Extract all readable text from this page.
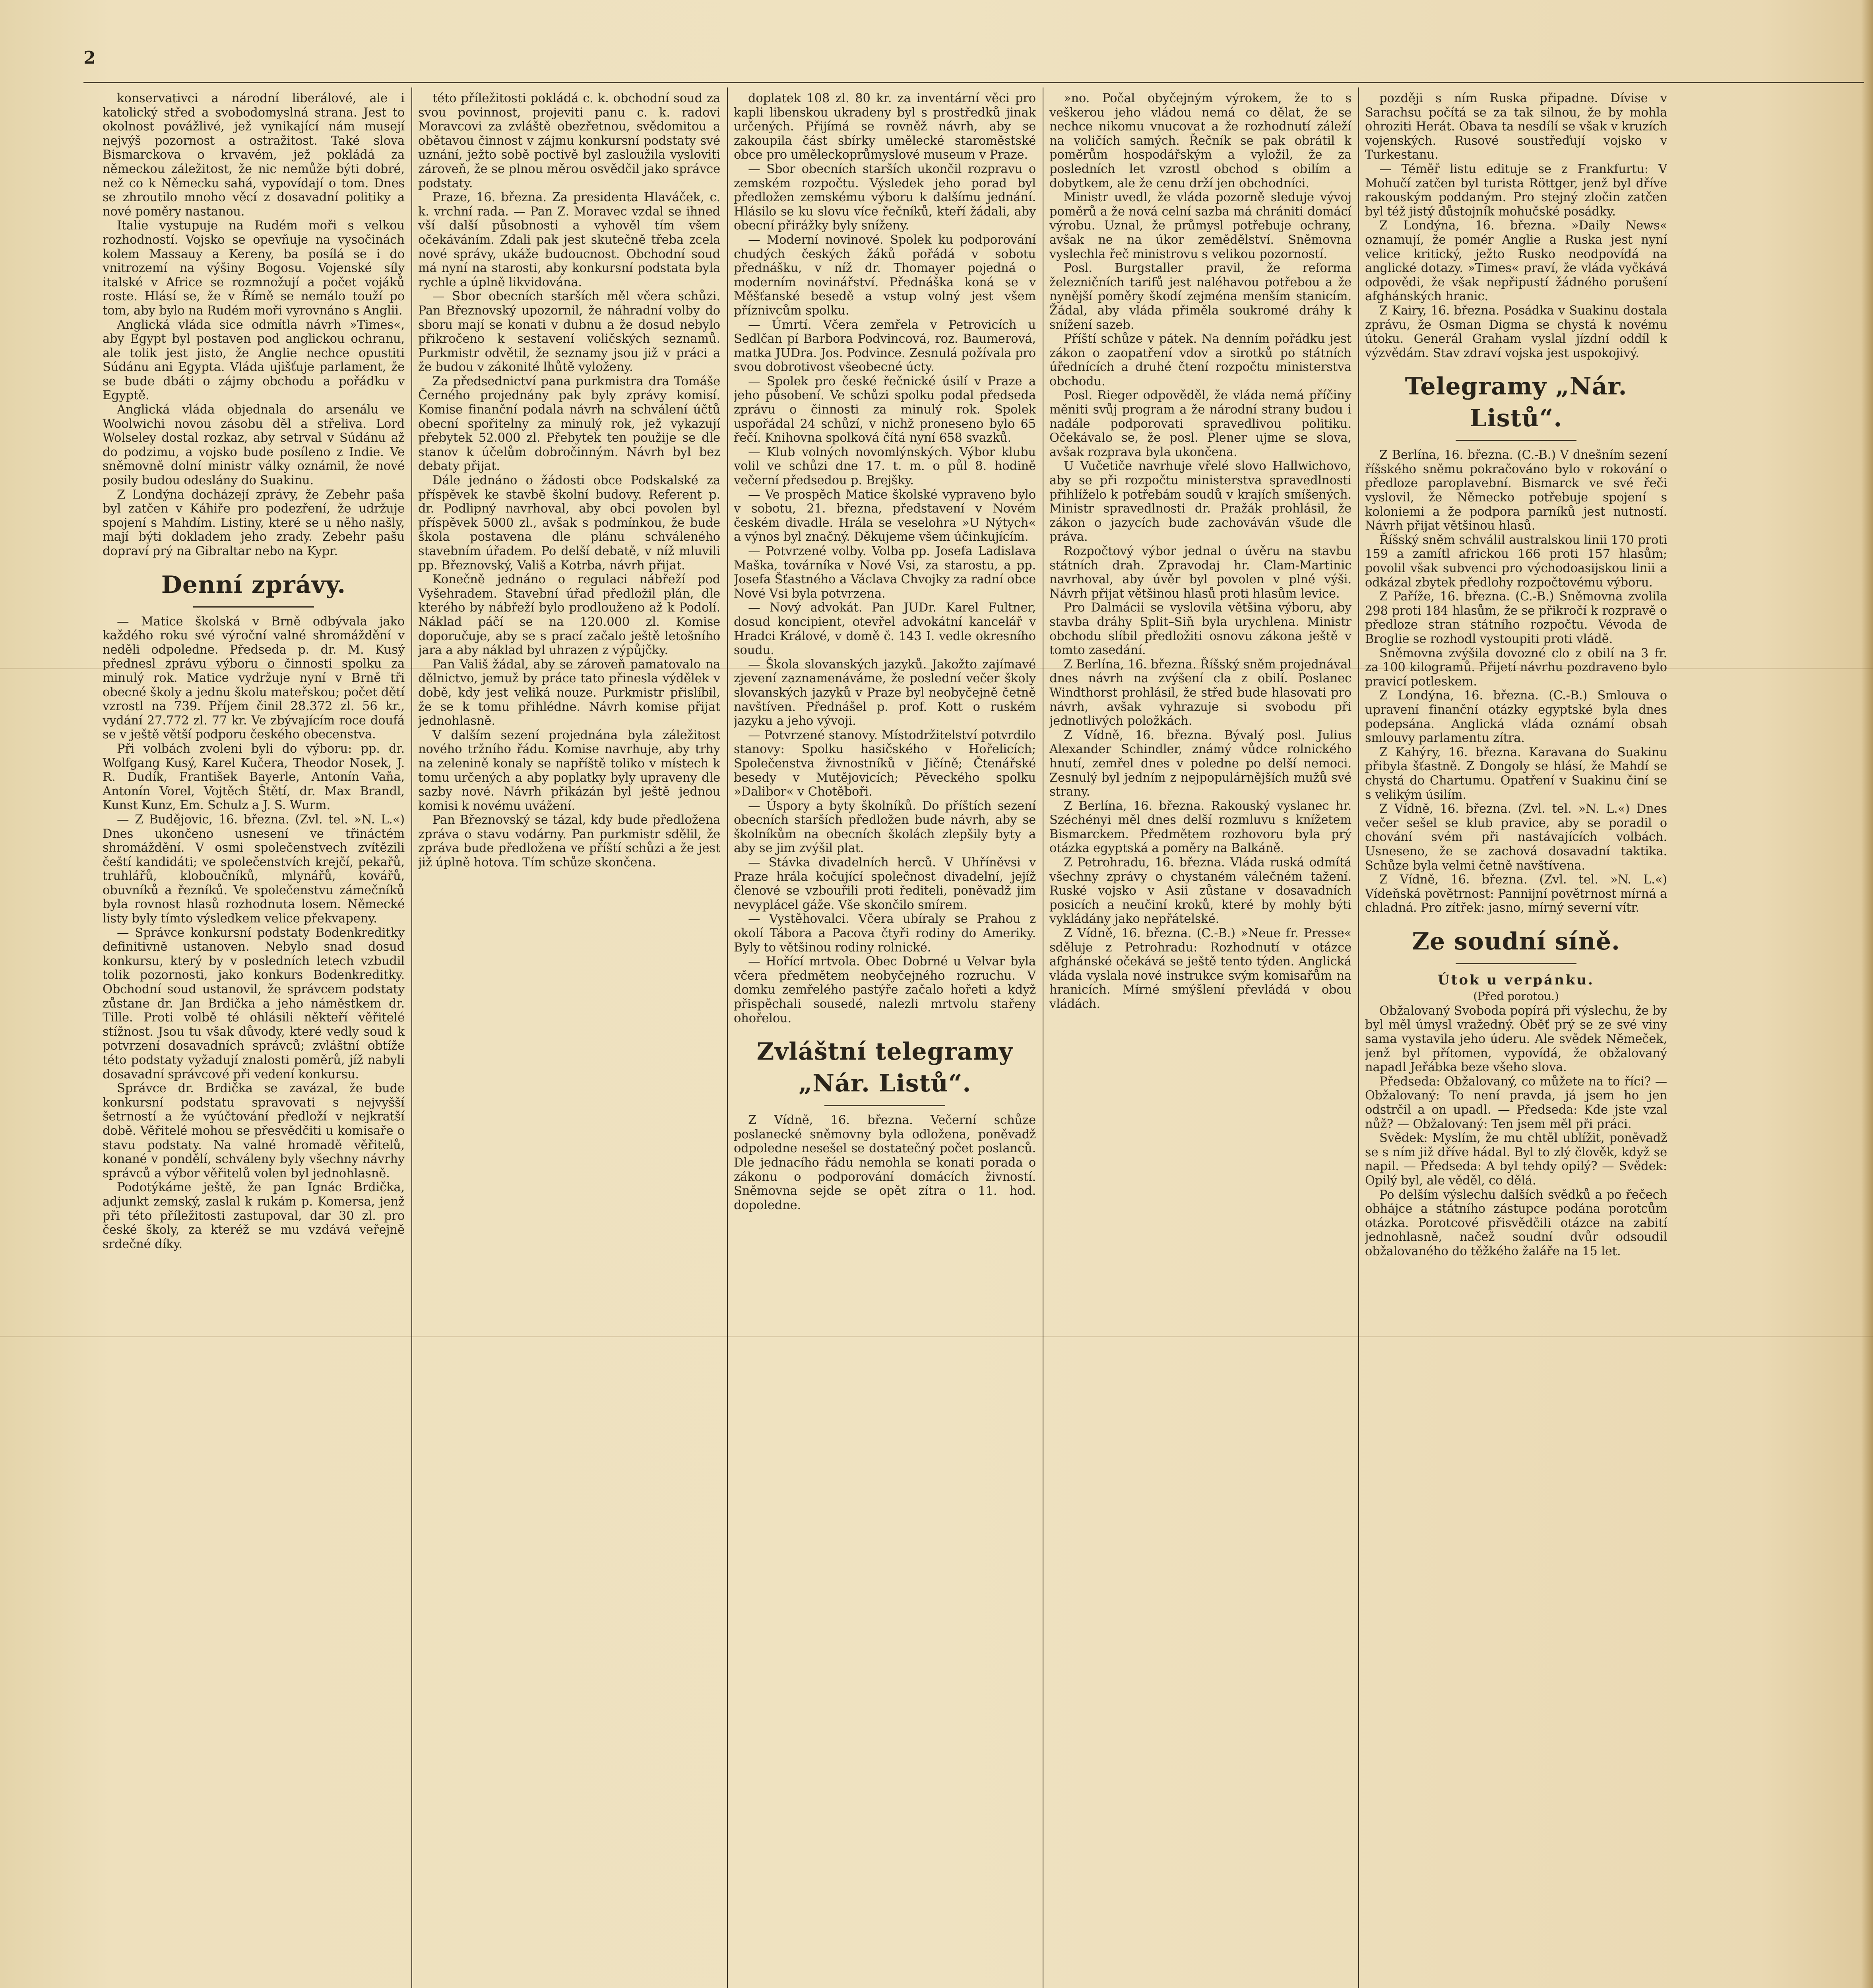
2

konservativci a národní liberálové, ale i katolický střed a svobodomyslná strana. Jest to okolnost povážlivé, jež vynikající nám musejí nejvýš pozornost a ostražitost. Také slova Bismarckova o krvavém, jež pokládá za německou záležitost, že nic nemůže býti dobré, než co k Německu sahá, vypovídají o tom. Dnes se zhroutilo mnoho věcí z dosavadní politiky a nové poměry nastanou.

Italie vystupuje na Rudém moři s velkou rozhodností. Vojsko se opevňuje na vysočinách kolem Massauy a Kereny, ba posílá se i do vnitrozemí na výšiny Bogosu. Vojenské síly italské v Africe se rozmnožují a počet vojáků roste. Hlásí se, že v Římě se nemálo touží po tom, aby bylo na Rudém moři vyrovnáno s Anglii.

Anglická vláda sice odmítla návrh »Times«, aby Egypt byl postaven pod anglickou ochranu, ale tolik jest jisto, že Anglie nechce opustiti Súdánu ani Egypta. Vláda ujišťuje parlament, že se bude dbáti o zájmy obchodu a pořádku v Egyptě.

Anglická vláda objednala do arsenálu ve Woolwichi novou zásobu děl a střeliva. Lord Wolseley dostal rozkaz, aby setrval v Súdánu až do podzimu, a vojsko bude posíleno z Indie. Ve sněmovně dolní ministr války oznámil, že nové posily budou odeslány do Suakinu.

Z Londýna docházejí zprávy, že Zebehr paša byl zatčen v Káhiře pro podezření, že udržuje spojení s Mahdím. Listiny, které se u něho našly, mají býti dokladem jeho zrady. Zebehr pašu dopraví prý na Gibraltar nebo na Kypr.

Denní zprávy.

— Matice školská v Brně odbývala jako každého roku své výroční valné shromáždění v neděli odpoledne. Předseda p. dr. M. Kusý přednesl zprávu výboru o činnosti spolku za minulý rok. Matice vydržuje nyní v Brně tři obecné školy a jednu školu mateřskou; počet dětí vzrostl na 739. Příjem činil 28.372 zl. 56 kr., vydání 27.772 zl. 77 kr. Ve zbývajícím roce doufá se v ještě větší podporu českého obecenstva.

Při volbách zvoleni byli do výboru: pp. dr. Wolfgang Kusý, Karel Kučera, Theodor Nosek, J. R. Dudík, František Bayerle, Antonín Vaňa, Antonín Vorel, Vojtěch Štětí, dr. Max Brandl, Kunst Kunz, Em. Schulz a J. S. Wurm.

— Z Budějovic, 16. března. (Zvl. tel. »N. L.«) Dnes ukončeno usnesení ve třináctém shromáždění. V osmi společenstvech zvítězili čeští kandidáti; ve společenstvích krejčí, pekařů, truhlářů, kloboučníků, mlynářů, kovářů, obuvníků a řezníků. Ve společenstvu zámečníků byla rovnost hlasů rozhodnuta losem. Německé listy byly tímto výsledkem velice překvapeny.

— Správce konkursní podstaty Bodenkreditky definitivně ustanoven. Nebylo snad dosud konkursu, který by v posledních letech vzbudil tolik pozornosti, jako konkurs Bodenkreditky. Obchodní soud ustanovil, že správcem podstaty zůstane dr. Jan Brdička a jeho náměstkem dr. Tille. Proti volbě té ohlásili někteří věřitelé stížnost. Jsou tu však důvody, které vedly soud k potvrzení dosavadních správců; zvláštní obtíže této podstaty vyžadují znalosti poměrů, jíž nabyli dosavadní správcové při vedení konkursu.

Správce dr. Brdička se zavázal, že bude konkursní podstatu spravovati s nejvyšší šetrností a že vyúčtování předloží v nejkratší době. Věřitelé mohou se přesvědčiti u komisaře o stavu podstaty. Na valné hromadě věřitelů, konané v pondělí, schváleny byly všechny návrhy správců a výbor věřitelů volen byl jednohlasně.

Podotýkáme ještě, že pan Ignác Brdička, adjunkt zemský, zaslal k rukám p. Komersa, jenž při této příležitosti zastupoval, dar 30 zl. pro české školy, za kteréž se mu vzdává veřejně srdečné díky.

této příležitosti pokládá c. k. obchodní soud za svou povinnost, projeviti panu c. k. radovi Moravcovi za zvláště obezřetnou, svědomitou a obětavou činnost v zájmu konkursní podstaty své uznání, ježto sobě poctivě byl zasloužila vysloviti zároveň, že se plnou měrou osvědčil jako správce podstaty.

Praze, 16. března. Za presidenta Hlaváček, c. k. vrchní rada. — Pan Z. Moravec vzdal se ihned vší další působnosti a vyhověl tím všem očekáváním. Zdali pak jest skutečně třeba zcela nové správy, ukáže budoucnost. Obchodní soud má nyní na starosti, aby konkursní podstata byla rychle a úplně likvidována.

— Sbor obecních starších měl včera schůzi. Pan Březnovský upozornil, že náhradní volby do sboru mají se konati v dubnu a že dosud nebylo přikročeno k sestavení voličských seznamů. Purkmistr odvětil, že seznamy jsou již v práci a že budou v zákonité lhůtě vyloženy.

Za předsednictví pana purkmistra dra Tomáše Černého projednány pak byly zprávy komisí. Komise finanční podala návrh na schválení účtů obecní spořitelny za minulý rok, jež vykazují přebytek 52.000 zl. Přebytek ten použije se dle stanov k účelům dobročinným. Návrh byl bez debaty přijat.

Dále jednáno o žádosti obce Podskalské za příspěvek ke stavbě školní budovy. Referent p. dr. Podlipný navrhoval, aby obci povolen byl příspěvek 5000 zl., avšak s podmínkou, že bude škola postavena dle plánu schváleného stavebním úřadem. Po delší debatě, v níž mluvili pp. Březnovský, Vališ a Kotrba, návrh přijat.

Konečně jednáno o regulaci nábřeží pod Vyšehradem. Stavební úřad předložil plán, dle kterého by nábřeží bylo prodlouženo až k Podolí. Náklad páčí se na 120.000 zl. Komise doporučuje, aby se s prací začalo ještě letošního jara a aby náklad byl uhrazen z výpůjčky.

Pan Vališ žádal, aby se zároveň pamatovalo na dělnictvo, jemuž by práce tato přinesla výdělek v době, kdy jest veliká nouze. Purkmistr přislíbil, že se k tomu přihlédne. Návrh komise přijat jednohlasně.

V dalším sezení projednána byla záležitost nového tržního řádu. Komise navrhuje, aby trhy na zelenině konaly se napříště toliko v místech k tomu určených a aby poplatky byly upraveny dle sazby nové. Návrh přikázán byl ještě jednou komisi k novému uvážení.

Pan Březnovský se tázal, kdy bude předložena zpráva o stavu vodárny. Pan purkmistr sdělil, že zpráva bude předložena ve příští schůzi a že jest již úplně hotova. Tím schůze skončena.

doplatek 108 zl. 80 kr. za inventární věci pro kapli libenskou ukradeny byl s prostředků jinak určených. Přijímá se rovněž návrh, aby se zakoupila část sbírky umělecké staroměstské obce pro uměleckoprůmyslové museum v Praze.

— Sbor obecních starších ukončil rozpravu o zemském rozpočtu. Výsledek jeho porad byl předložen zemskému výboru k dalšímu jednání. Hlásilo se ku slovu více řečníků, kteří žádali, aby obecní přirážky byly sníženy.

— Moderní novinové. Spolek ku podporování chudých českých žáků pořádá v sobotu přednášku, v níž dr. Thomayer pojedná o moderním novinářství. Přednáška koná se v Měšťanské besedě a vstup volný jest všem příznivcům spolku.

— Úmrtí. Včera zemřela v Petrovicích u Sedlčan pí Barbora Podvincová, roz. Baumerová, matka JUDra. Jos. Podvince. Zesnulá požívala pro svou dobrotivost všeobecné úcty.

— Spolek pro české řečnické úsilí v Praze a jeho působení. Ve schůzi spolku podal předseda zprávu o činnosti za minulý rok. Spolek uspořádal 24 schůzí, v nichž proneseno bylo 65 řečí. Knihovna spolková čítá nyní 658 svazků.

— Klub volných novomlýnských. Výbor klubu volil ve schůzi dne 17. t. m. o půl 8. hodině večerní předsedou p. Brejšky.

— Ve prospěch Matice školské vypraveno bylo v sobotu, 21. března, představení v Novém českém divadle. Hrála se veselohra »U Nýtych« a výnos byl značný. Děkujeme všem účinkujícím.

— Potvrzené volby. Volba pp. Josefa Ladislava Maška, továrníka v Nové Vsi, za starostu, a pp. Josefa Šťastného a Václava Chvojky za radní obce Nové Vsi byla potvrzena.

— Nový advokát. Pan JUDr. Karel Fultner, dosud koncipient, otevřel advokátní kancelář v Hradci Králové, v domě č. 143 I. vedle okresního soudu.

— Škola slovanských jazyků. Jakožto zajímavé zjevení zaznamenáváme, že poslední večer školy slovanských jazyků v Praze byl neobyčejně četně navštíven. Přednášel p. prof. Kott o ruském jazyku a jeho vývoji.

— Potvrzené stanovy. Místodržitelství potvrdilo stanovy: Spolku hasičského v Hořelicích; Společenstva živnostníků v Jičíně; Čtenářské besedy v Mutějovicích; Pěveckého spolku »Dalibor« v Chotěboři.

— Úspory a byty školníků. Do příštích sezení obecních starších předložen bude návrh, aby se školníkům na obecních školách zlepšily byty a aby se jim zvýšil plat.

— Stávka divadelních herců. V Uhříněvsi v Praze hrála kočující společnost divadelní, jejíž členové se vzbouřili proti řediteli, poněvadž jim nevyplácel gáže. Vše skončilo smírem.

— Vystěhovalci. Včera ubíraly se Prahou z okolí Tábora a Pacova čtyři rodiny do Ameriky. Byly to většinou rodiny rolnické.

— Hořící mrtvola. Obec Dobrné u Velvar byla včera předmětem neobyčejného rozruchu. V domku zemřelého pastýře začalo hořeti a když přispěchali sousedé, nalezli mrtvolu stařeny ohořelou.

Zvláštní telegramy „Nár. Listů“.

Z Vídně, 16. března. Večerní schůze poslanecké sněmovny byla odložena, poněvadž odpoledne nesešel se dostatečný počet poslanců. Dle jednacího řádu nemohla se konati porada o zákonu o podporování domácích živností. Sněmovna sejde se opět zítra o 11. hod. dopoledne.

»no. Počal obyčejným výrokem, že to s veškerou jeho vládou nemá co dělat, že se nechce nikomu vnucovat a že rozhodnutí záleží na voličích samých. Řečník se pak obrátil k poměrům hospodářským a vyložil, že za posledních let vzrostl obchod s obilím a dobytkem, ale že cenu drží jen obchodníci.

Ministr uvedl, že vláda pozorně sleduje vývoj poměrů a že nová celní sazba má chrániti domácí výrobu. Uznal, že průmysl potřebuje ochrany, avšak ne na úkor zemědělství. Sněmovna vyslechla řeč ministrovu s velikou pozorností.

Posl. Burgstaller pravil, že reforma železničních tarifů jest naléhavou potřebou a že nynější poměry škodí zejména menším stanicím. Žádal, aby vláda přiměla soukromé dráhy k snížení sazeb.

Příští schůze v pátek. Na denním pořádku jest zákon o zaopatření vdov a sirotků po státních úřednících a druhé čtení rozpočtu ministerstva obchodu.

Posl. Rieger odpověděl, že vláda nemá příčiny měniti svůj program a že národní strany budou i nadále podporovati spravedlivou politiku. Očekávalo se, že posl. Plener ujme se slova, avšak rozprava byla ukončena.

U Vučetiče navrhuje vřelé slovo Hallwichovo, aby se při rozpočtu ministerstva spravedlnosti přihlíželo k potřebám soudů v krajích smíšených. Ministr spravedlnosti dr. Pražák prohlásil, že zákon o jazycích bude zachováván všude dle práva.

Rozpočtový výbor jednal o úvěru na stavbu státních drah. Zpravodaj hr. Clam-Martinic navrhoval, aby úvěr byl povolen v plné výši. Návrh přijat většinou hlasů proti hlasům levice.

Pro Dalmácii se vyslovila většina výboru, aby stavba dráhy Split–Siň byla urychlena. Ministr obchodu slíbil předložiti osnovu zákona ještě v tomto zasedání.

Z Berlína, 16. března. Říšský sněm projednával dnes návrh na zvýšení cla z obilí. Poslanec Windthorst prohlásil, že střed bude hlasovati pro návrh, avšak vyhrazuje si svobodu při jednotlivých položkách.

Z Vídně, 16. března. Bývalý posl. Julius Alexander Schindler, známý vůdce rolnického hnutí, zemřel dnes v poledne po delší nemoci. Zesnulý byl jedním z nejpopulárnějších mužů své strany.

Z Berlína, 16. března. Rakouský vyslanec hr. Széchényi měl dnes delší rozmluvu s knížetem Bismarckem. Předmětem rozhovoru byla prý otázka egyptská a poměry na Balkáně.

Z Petrohradu, 16. března. Vláda ruská odmítá všechny zprávy o chystaném válečném tažení. Ruské vojsko v Asii zůstane v dosavadních posicích a neučiní kroků, které by mohly býti vykládány jako nepřátelské.

Z Vídně, 16. března. (C.-B.) »Neue fr. Presse« sděluje z Petrohradu: Rozhodnutí v otázce afghánské očekává se ještě tento týden. Anglická vláda vyslala nové instrukce svým komisařům na hranicích. Mírné smýšlení převládá v obou vládách.

později s ním Ruska připadne. Dívise v Sarachsu počítá se za tak silnou, že by mohla ohroziti Herát. Obava ta nesdílí se však v kruzích vojenských. Rusové soustřeďují vojsko v Turkestanu.

— Téměř listu edituje se z Frankfurtu: V Mohučí zatčen byl turista Röttger, jenž byl dříve rakouským poddaným. Pro stejný zločin zatčen byl též jistý důstojník mohučské posádky.

Z Londýna, 16. března. »Daily News« oznamují, že pomér Anglie a Ruska jest nyní velice kritický, ježto Rusko neodpovídá na anglické dotazy. »Times« praví, že vláda vyčkává odpovědi, že však nepřipustí žádného porušení afghánských hranic.

Z Kairy, 16. března. Posádka v Suakinu dostala zprávu, že Osman Digma se chystá k novému útoku. Generál Graham vyslal jízdní oddíl k výzvědám. Stav zdraví vojska jest uspokojivý.

Telegramy „Nár. Listů“.

Z Berlína, 16. března. (C.-B.) V dnešním sezení říšského sněmu pokračováno bylo v rokování o předloze paroplavební. Bismarck ve své řeči vyslovil, že Německo potřebuje spojení s koloniemi a že podpora parníků jest nutností. Návrh přijat většinou hlasů.

Říšský sněm schválil australskou linii 170 proti 159 a zamítl africkou 166 proti 157 hlasům; povolil však subvenci pro východoasijskou linii a odkázal zbytek předlohy rozpočtovému výboru.

Z Paříže, 16. března. (C.-B.) Sněmovna zvolila 298 proti 184 hlasům, že se přikročí k rozpravě o předloze stran státního rozpočtu. Vévoda de Broglie se rozhodl vystoupiti proti vládě.

Sněmovna zvýšila dovozné clo z obilí na 3 fr. za 100 kilogramů. Přijetí návrhu pozdraveno bylo pravicí potleskem.

Z Londýna, 16. března. (C.-B.) Smlouva o upravení finanční otázky egyptské byla dnes podepsána. Anglická vláda oznámí obsah smlouvy parlamentu zítra.

Z Kahýry, 16. března. Karavana do Suakinu přibyla šťastně. Z Dongoly se hlásí, že Mahdí se chystá do Chartumu. Opatření v Suakinu činí se s velikým úsilím.

Z Vídně, 16. března. (Zvl. tel. »N. L.«) Dnes večer sešel se klub pravice, aby se poradil o chování svém při nastávajících volbách. Usneseno, že se zachová dosavadní taktika. Schůze byla velmi četně navštívena.

Z Vídně, 16. března. (Zvl. tel. »N. L.«) Vídeňská povětrnost: Pannijní povětrnost mírná a chladná. Pro zítřek: jasno, mírný severní vítr.

Ze soudní síně.

Útok u verpánku.

(Před porotou.)

Obžalovaný Svoboda popírá při výslechu, že by byl měl úmysl vražedný. Oběť prý se ze své viny sama vystavila jeho úderu. Ale svědek Němeček, jenž byl přítomen, vypovídá, že obžalovaný napadl Jeřábka beze všeho slova.

Předseda: Obžalovaný, co můžete na to říci? — Obžalovaný: To není pravda, já jsem ho jen odstrčil a on upadl. — Předseda: Kde jste vzal nůž? — Obžalovaný: Ten jsem měl při práci.

Svědek: Myslím, že mu chtěl ublížit, poněvadž se s ním již dříve hádal. Byl to zlý člověk, když se napil. — Předseda: A byl tehdy opilý? — Svědek: Opilý byl, ale věděl, co dělá.

Po delším výslechu dalších svědků a po řečech obhájce a státního zástupce podána porotcům otázka. Porotcové přisvědčili otázce na zabití jednohlasně, načež soudní dvůr odsoudil obžalovaného do těžkého žaláře na 15 let.
